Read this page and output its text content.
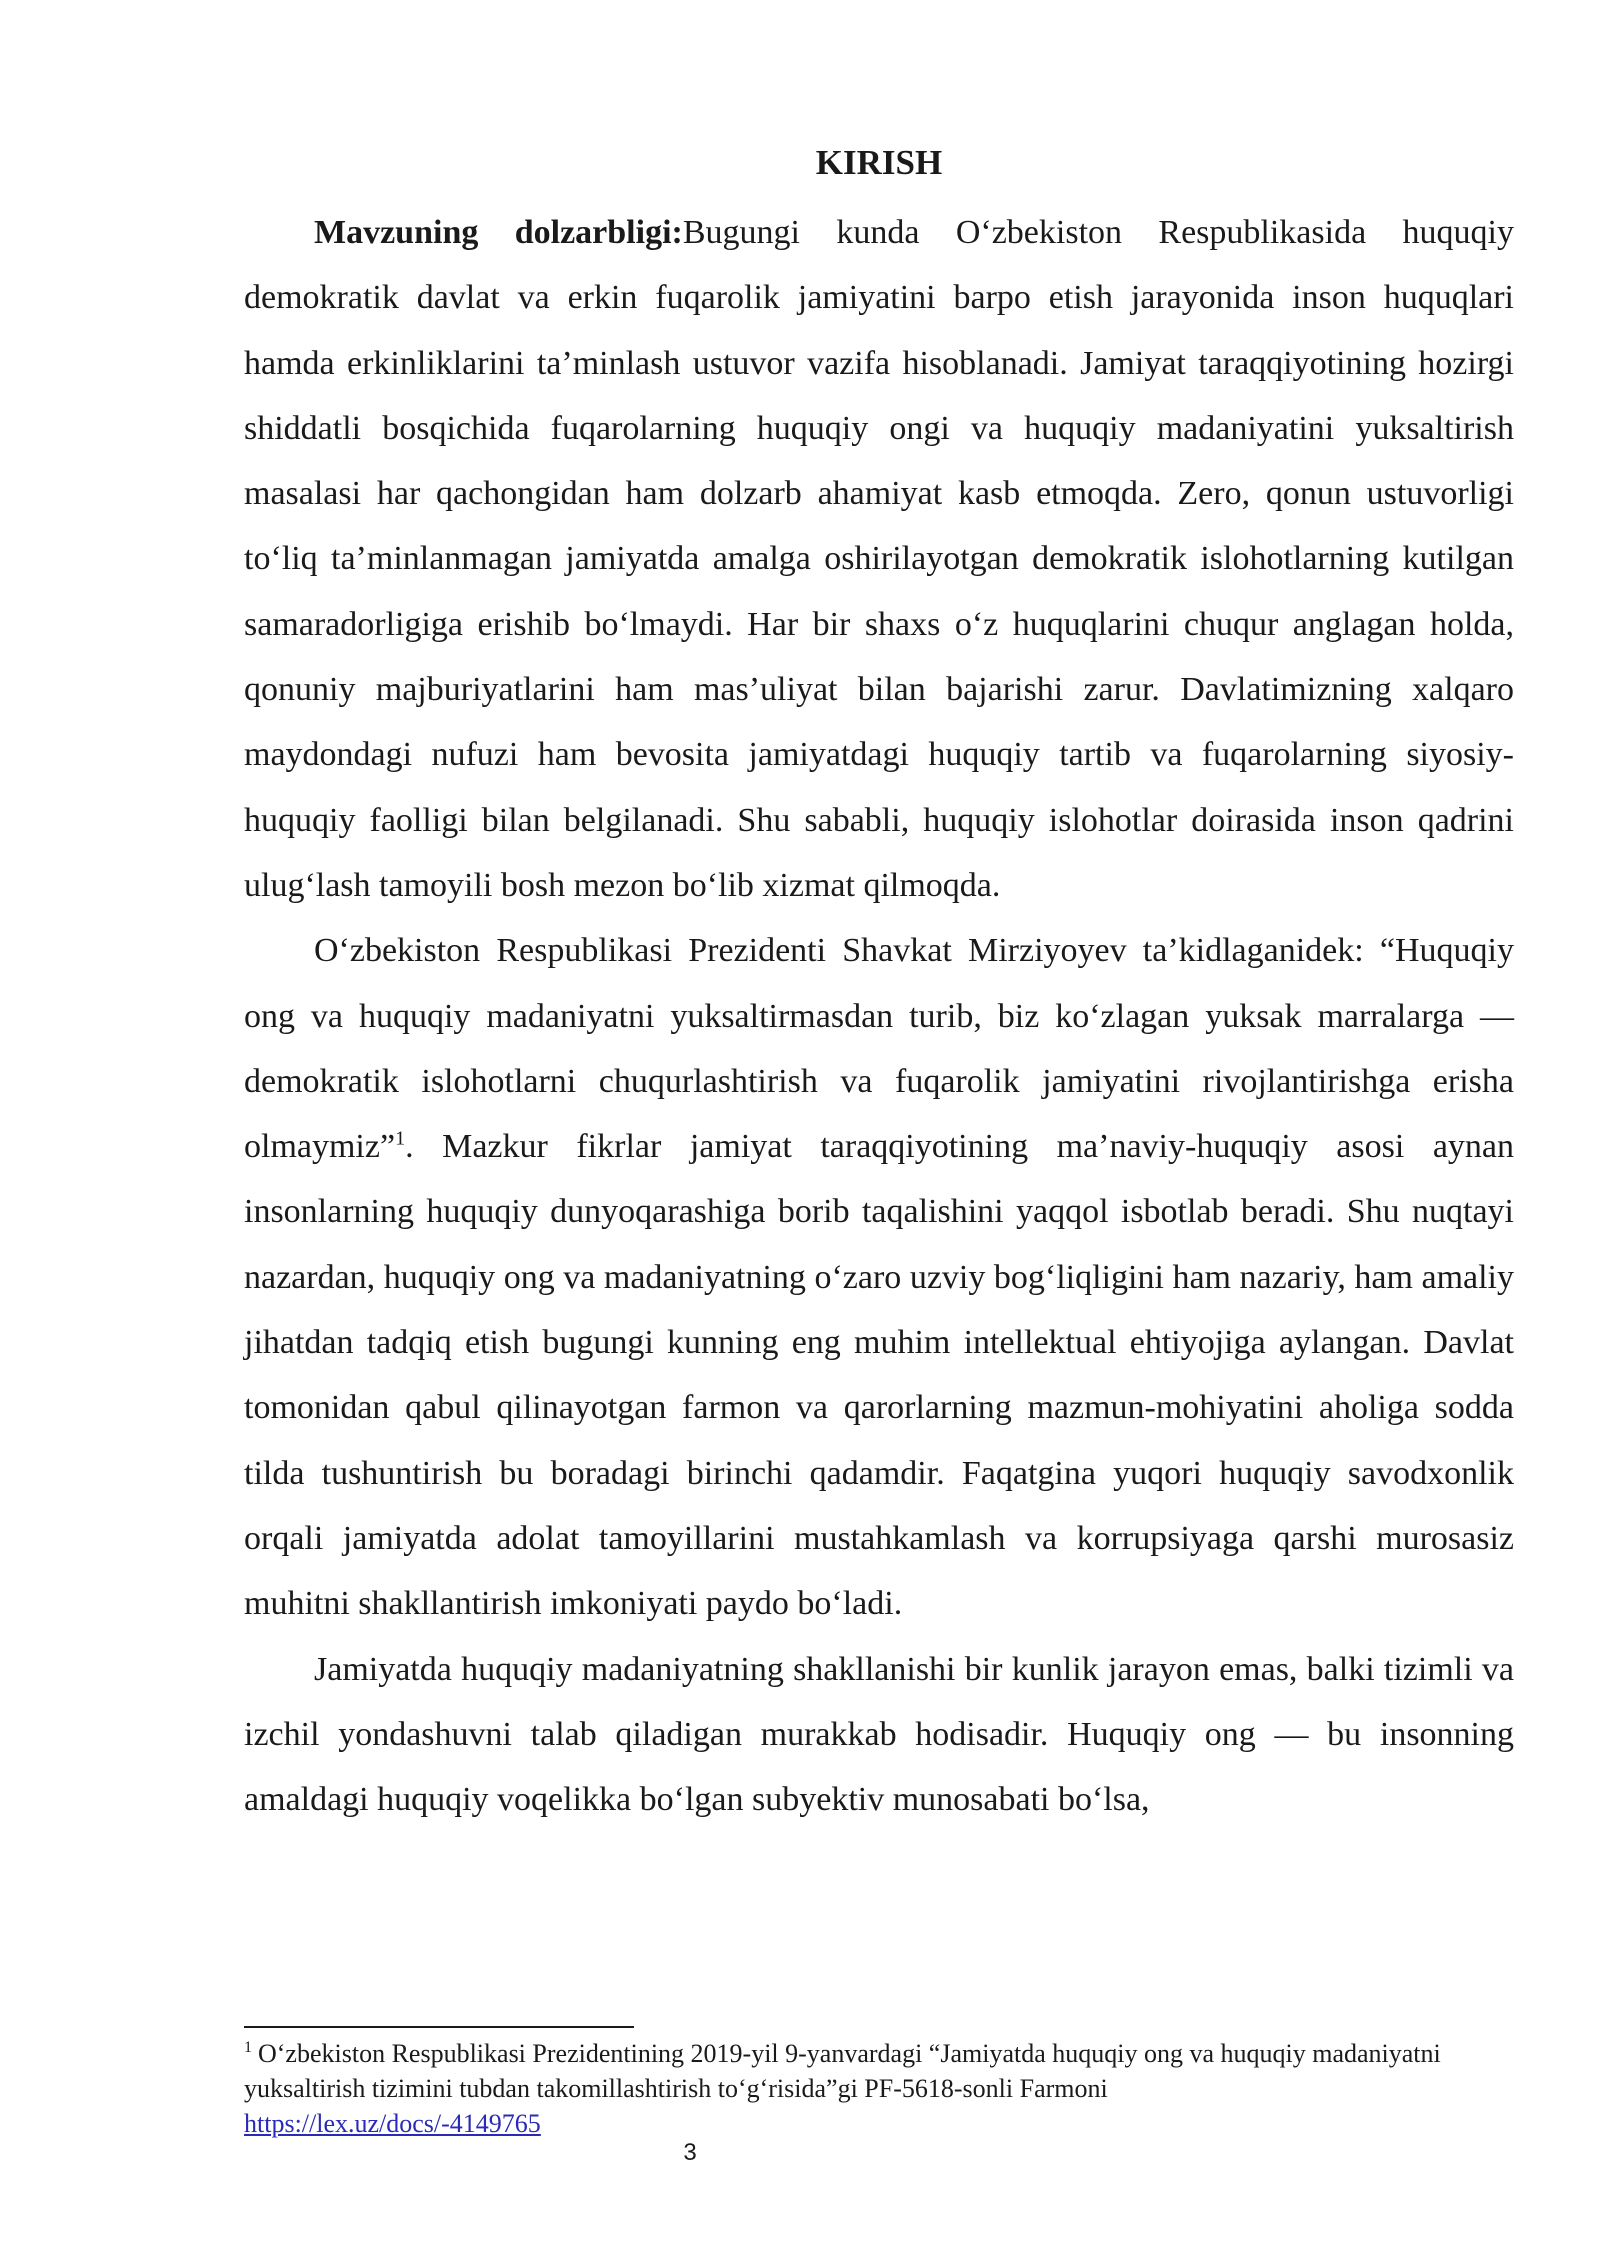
KIRISH

Mavzuning dolzarbligi:Bugungi kunda O‘zbekiston Respublikasida huquqiy demokratik davlat va erkin fuqarolik jamiyatini barpo etish jarayonida inson huquqlari hamda erkinliklarini ta’minlash ustuvor vazifa hisoblanadi. Jamiyat taraqqiyotining hozirgi shiddatli bosqichida fuqarolarning huquqiy ongi va huquqiy madaniyatini yuksaltirish masalasi har qachongidan ham dolzarb ahamiyat kasb etmoqda. Zero, qonun ustuvorligi to‘liq ta’minlanmagan jamiyatda amalga oshirilayotgan demokratik islohotlarning kutilgan samaradorligiga erishib bo‘lmaydi. Har bir shaxs o‘z huquqlarini chuqur anglagan holda, qonuniy majburiyatlarini ham mas’uliyat bilan bajarishi zarur. Davlatimizning xalqaro maydondagi nufuzi ham bevosita jamiyatdagi huquqiy tartib va fuqarolarning siyosiy-huquqiy faolligi bilan belgilanadi. Shu sababli, huquqiy islohotlar doirasida inson qadrini ulug‘lash tamoyili bosh mezon bo‘lib xizmat qilmoqda.

O‘zbekiston Respublikasi Prezidenti Shavkat Mirziyoyev ta’kidlaganidek: “Huquqiy ong va huquqiy madaniyatni yuksaltirmasdan turib, biz ko‘zlagan yuksak marralarga — demokratik islohotlarni chuqurlashtirish va fuqarolik jamiyatini rivojlantirishga erisha olmaymiz”$^1$. Mazkur fikrlar jamiyat taraqqiyotining ma’naviy-huquqiy asosi aynan insonlarning huquqiy dunyoqarashiga borib taqalishini yaqqol isbotlab beradi. Shu nuqtayi nazardan, huquqiy ong va madaniyatning o‘zaro uzviy bog‘liqligini ham nazariy, ham amaliy jihatdan tadqiq etish bugungi kunning eng muhim intellektual ehtiyojiga aylangan. Davlat tomonidan qabul qilinayotgan farmon va qarorlarning mazmun-mohiyatini aholiga sodda tilda tushuntirish bu boradagi birinchi qadamdir. Faqatgina yuqori huquqiy savodxonlik orqali jamiyatda adolat tamoyillarini mustahkamlash va korrupsiyaga qarshi murosasiz muhitni shakllantirish imkoniyati paydo bo‘ladi.

Jamiyatda huquqiy madaniyatning shakllanishi bir kunlik jarayon emas, balki tizimli va izchil yondashuvni talab qiladigan murakkab hodisadir. Huquqiy ong — bu insonning amaldagi huquqiy voqelikka bo‘lgan subyektiv munosabati bo‘lsa,

$^1$ O‘zbekiston Respublikasi Prezidentining 2019-yil 9-yanvardagi “Jamiyatda huquqiy ong va huquqiy madaniyatni yuksaltirish tizimini tubdan takomillashtirish to‘g‘risida”gi PF-5618-sonli Farmoni
https://lex.uz/docs/-4149765
3
